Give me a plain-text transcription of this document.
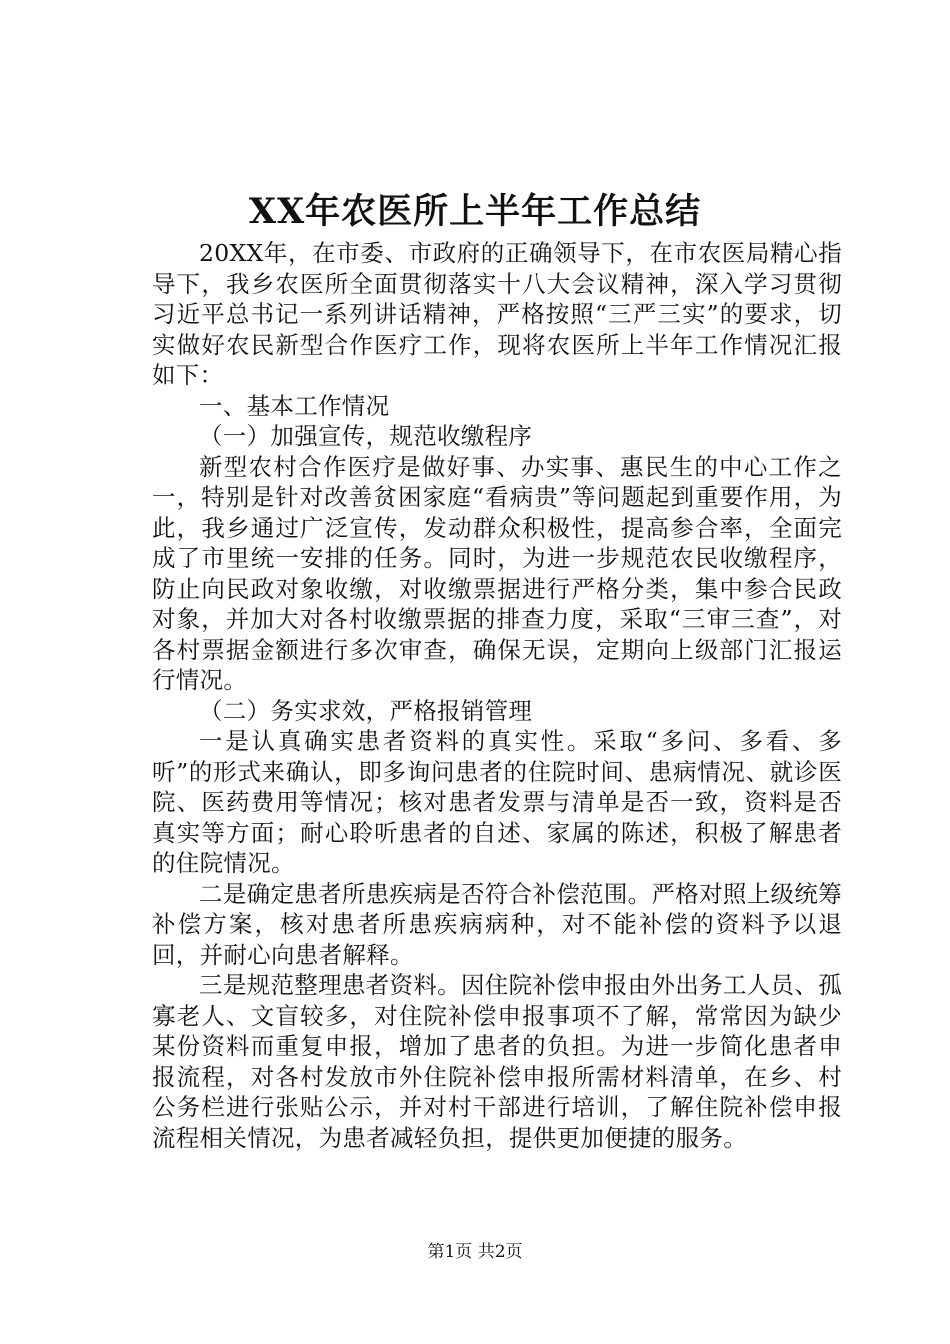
XX年农医所上半年工作总结

20XX年，在市委、市政府的正确领导下，在市农医局精心指导下，我乡农医所全面贯彻落实十八大会议精神，深入学习贯彻习近平总书记一系列讲话精神，严格按照“三严三实”的要求，切实做好农民新型合作医疗工作，现将农医所上半年工作情况汇报如下：

一、基本工作情况

（一）加强宣传，规范收缴程序

新型农村合作医疗是做好事、办实事、惠民生的中心工作之一，特别是针对改善贫困家庭“看病贵”等问题起到重要作用，为此，我乡通过广泛宣传，发动群众积极性，提高参合率，全面完成了市里统一安排的任务。同时，为进一步规范农民收缴程序，防止向民政对象收缴，对收缴票据进行严格分类，集中参合民政对象，并加大对各村收缴票据的排查力度，采取“三审三查”，对各村票据金额进行多次审查，确保无误，定期向上级部门汇报运行情况。

（二）务实求效，严格报销管理

一是认真确实患者资料的真实性。采取“多问、多看、多听”的形式来确认，即多询问患者的住院时间、患病情况、就诊医院、医药费用等情况；核对患者发票与清单是否一致，资料是否真实等方面；耐心聆听患者的自述、家属的陈述，积极了解患者的住院情况。

二是确定患者所患疾病是否符合补偿范围。严格对照上级统筹补偿方案，核对患者所患疾病病种，对不能补偿的资料予以退回，并耐心向患者解释。

三是规范整理患者资料。因住院补偿申报由外出务工人员、孤寡老人、文盲较多，对住院补偿申报事项不了解，常常因为缺少某份资料而重复申报，增加了患者的负担。为进一步简化患者申报流程，对各村发放市外住院补偿申报所需材料清单，在乡、村公务栏进行张贴公示，并对村干部进行培训，了解住院补偿申报流程相关情况，为患者减轻负担，提供更加便捷的服务。

第1页 共2页
